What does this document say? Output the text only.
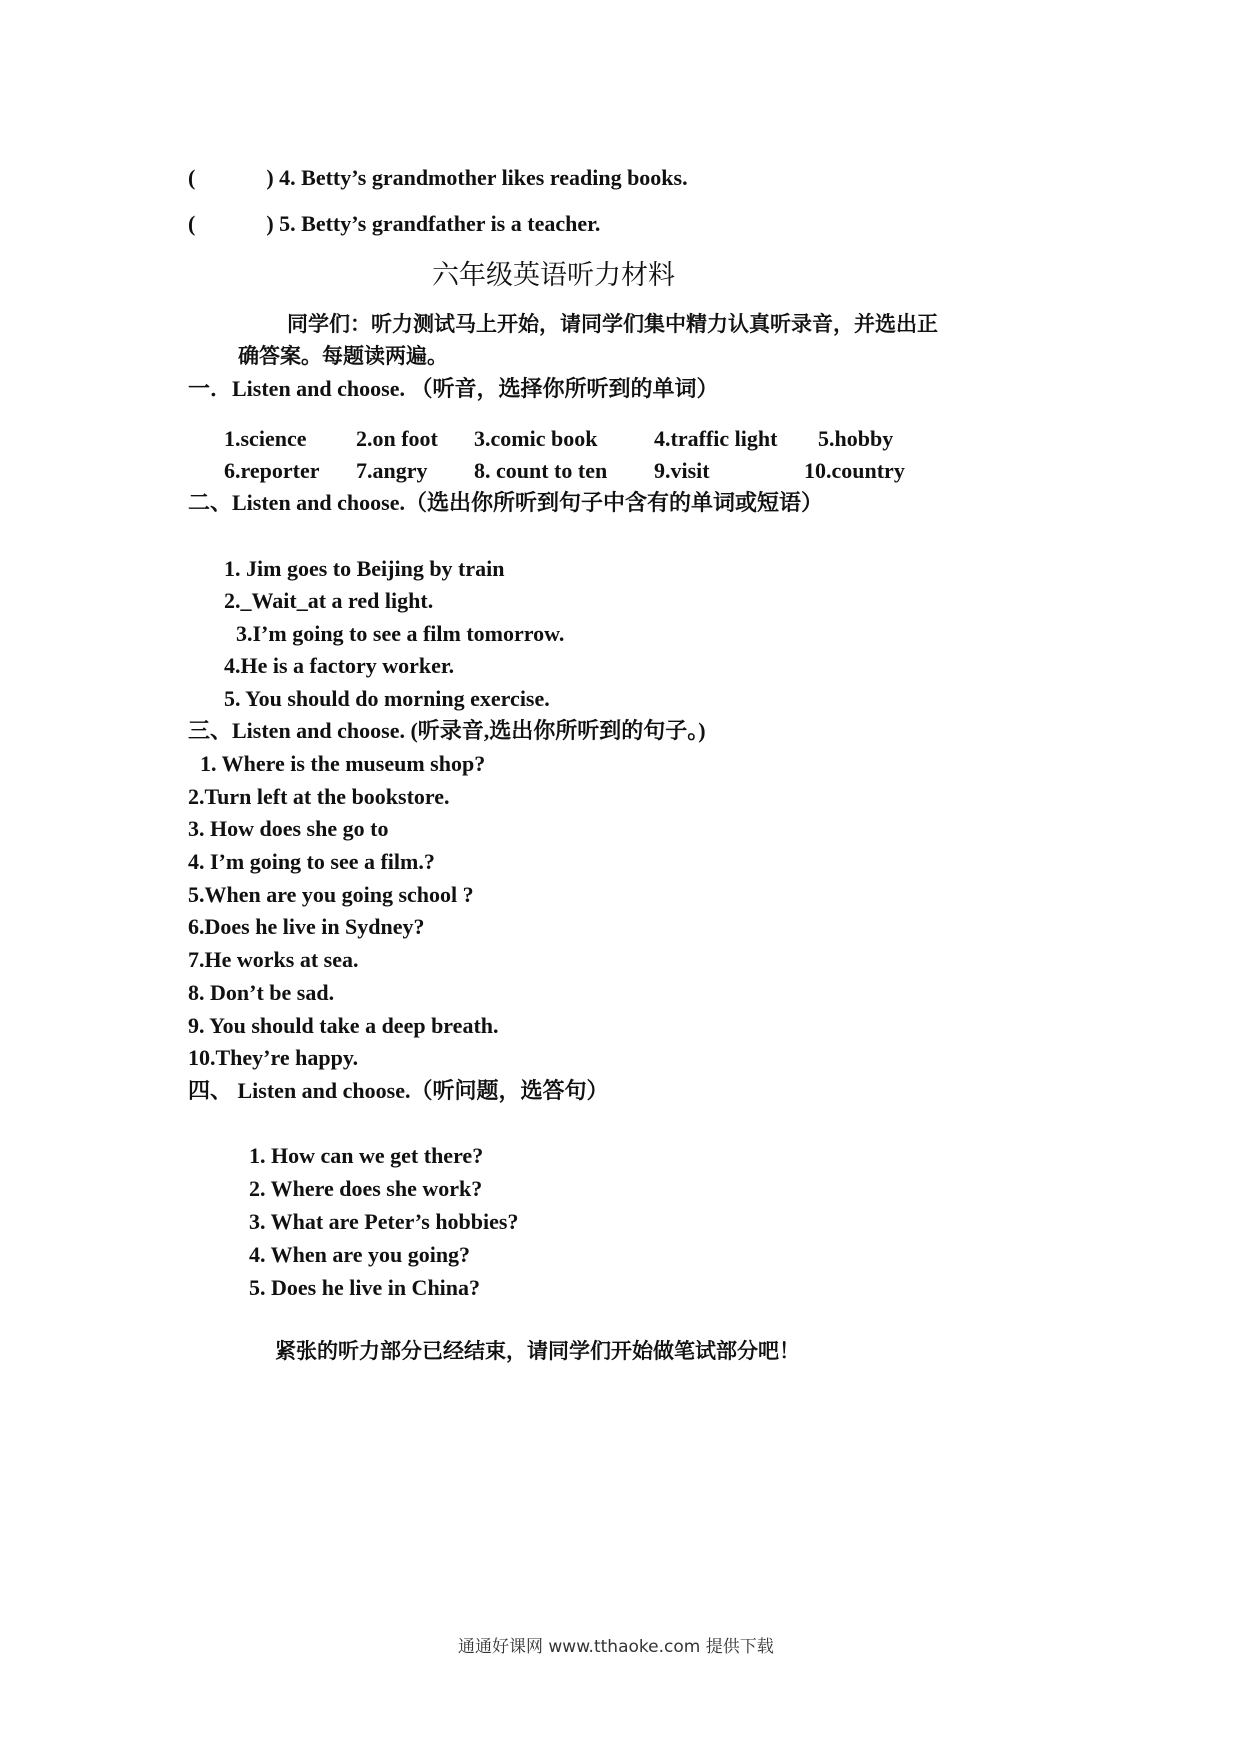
(	) 4. Betty’s grandmother likes reading books.
(	) 5. Betty’s grandfather is a teacher.
六年级英语听力材料
同学们：听力测试马上开始，请同学们集中精力认真听录音，并选出正
确答案。每题读两遍。
一．Listen and choose. （听音，选择你所听到的单词）
1.science 2.on foot 3.comic book	4.traffic light 5.hobby
6.reporter 7.angry 8. count to ten 9.visit	10.country
二、Listen and choose.（选出你所听到句子中含有的单词或短语）
1. Jim goes to Beijing by train
2._Wait_at a red light.
3.I’m going to see a film tomorrow.
4.He is a factory worker.
5. You should do morning exercise.
三、Listen and choose. (听录音,选出你所听到的句子。)
1. Where is the museum shop?
2.Turn left at the bookstore.
3. How does she go to
4. I’m going to see a film.?
5.When are you going school ?
6.Does he live in Sydney?
7.He works at sea.
8. Don’t be sad.
9. You should take a deep breath.
10.They’re happy.
四、 Listen and choose.（听问题，选答句）
1. How can we get there?
2. Where does she work?
3. What are Peter’s hobbies?
4. When are you going?
5. Does he live in China?
紧张的听力部分已经结束，请同学们开始做笔试部分吧！
通通好课网 www.tthaoke.com 提供下载
